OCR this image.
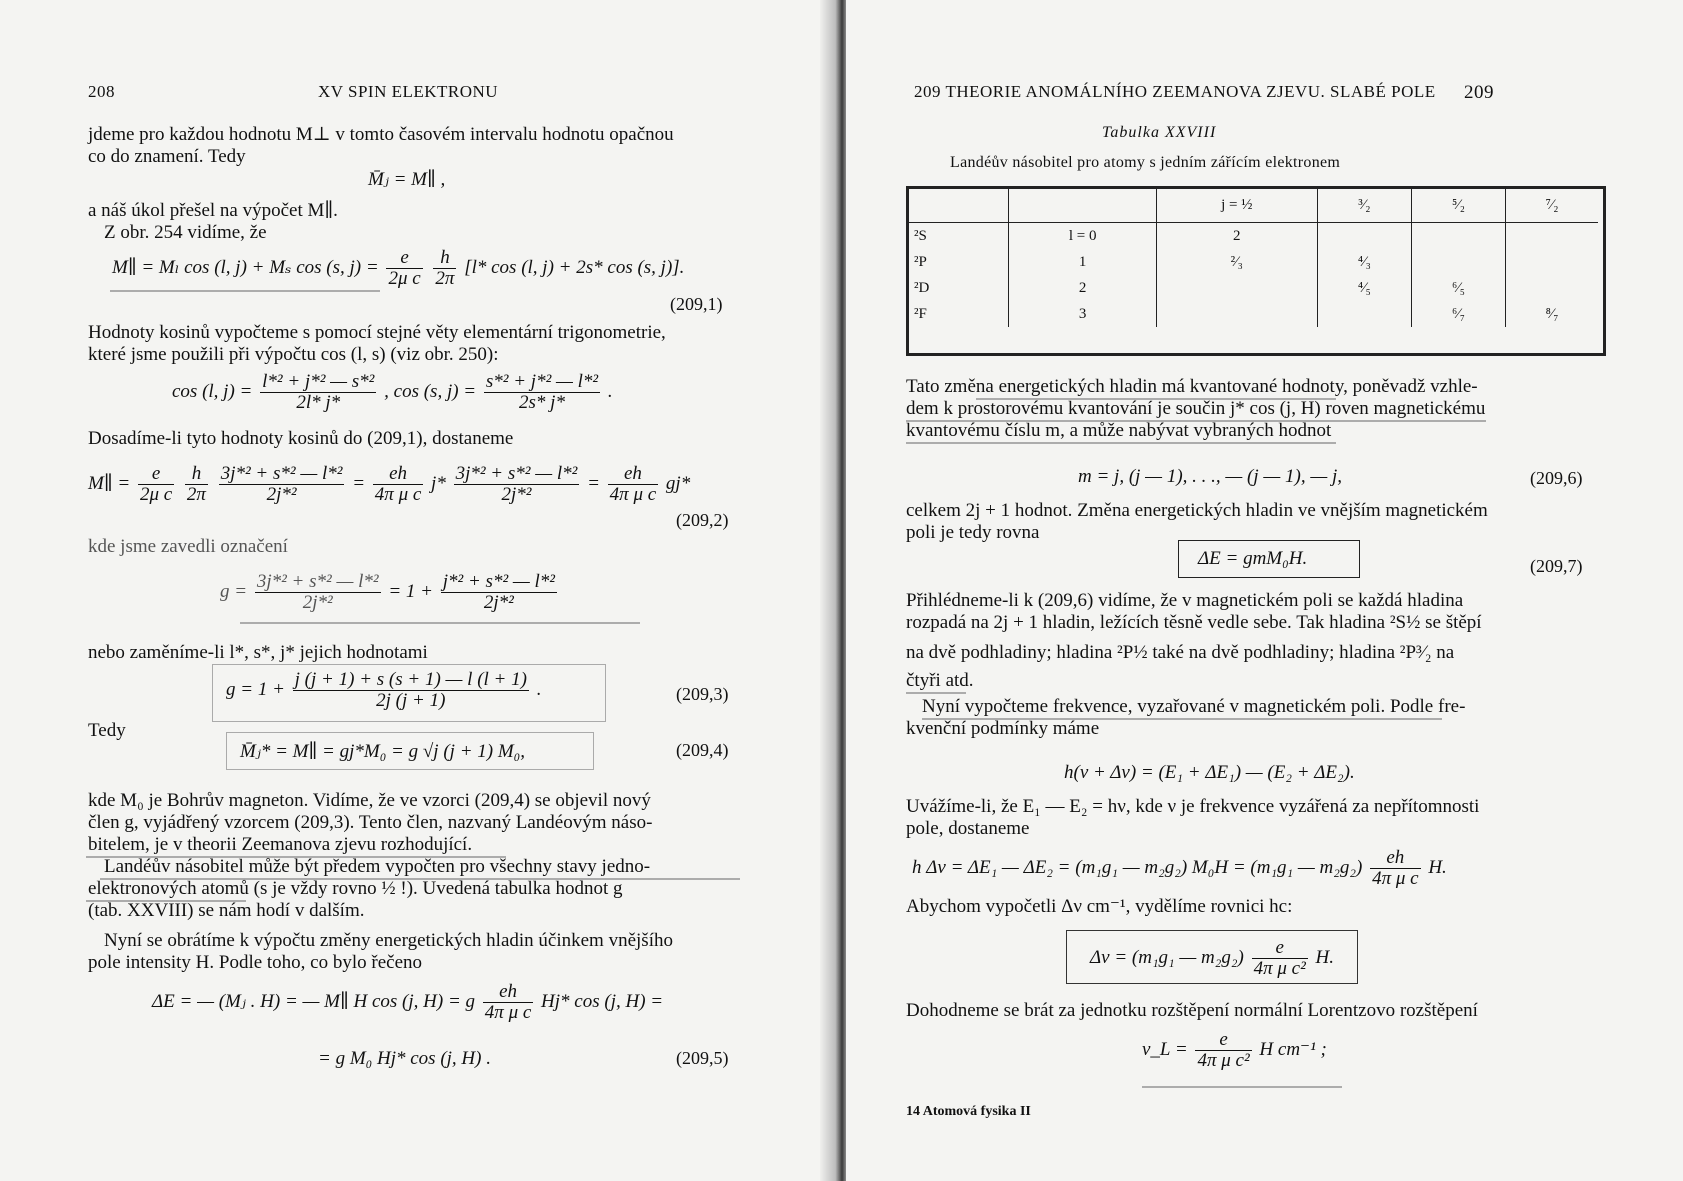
208	XV SPIN ELEKTRONU
jdeme pro každou hodnotu M⊥ v tomto časovém intervalu hodnotu opačnou
co do znamení. Tedy
M̄ⱼ = M∥ ,
a náš úkol přešel na výpočet M∥.
Z obr. 254 vidíme, že
M∥ = Mₗ cos (l, j) + Mₛ cos (s, $j) = \frac{e}{\text{2μ c}}$
$\frac{h}{2\pi} [l*$ cos (l, j) + 2s* cos (s, j)].
(209,1)
Hodnoty kosinů vypočteme s pomocí stejné věty elementární trigonometrie,
které jsme použili při výpočtu cos (l, s) (viz obr. 250):
cos (l, $j) = \frac{\text{l*² + j*² — s*²}}{2l* j*}$ , cos (s, $j) = \frac{\text{s*² + j*² — l*²}}{2s* j*}$ .
Dosadíme-li tyto hodnoty kosinů do (209,1), dostaneme
M∥ = $\frac{e}{\text{2μ c}}$
$\frac{h}{2\pi}$
$\frac{\text{3j*² + s*² — l*²}}{\text{2j*²}} = \frac{eh}{\text{4π μ c}} j* \frac{\text{3j*² + s*² — l*²}}{\text{2j*²}} = \frac{eh}{\text{4π μ c}} gj*$
(209,2)
kde jsme zavedli označení
$g = \frac{\text{3j*² + s*² — l*²}}{\text{2j*²}} = 1 + \frac{\text{j*² + s*² — l*²}}{\text{2j*²}}$
nebo zaměníme-li l*, s*, j* jejich hodnotami
$g = 1 + \frac{j (j + 1) + s (s + 1) — l (l + 1)}{2j (j + 1)}$ .	(209,3)
Tedy
M̄ⱼ* = M∥ = gj*M₀ = g √j (j + 1) M₀,	(209,4)
kde M₀ je Bohrův magneton. Vidíme, že ve vzorci (209,4) se objevil nový
člen g, vyjádřený vzorcem (209,3). Tento člen, nazvaný Landéovým náso-
bitelem, je v theorii Zeemanova zjevu rozhodující.
Landéův násobitel může být předem vypočten pro všechny stavy jedno-
elektronových atomů (s je vždy rovno ½ !). Uvedená tabulka hodnot g
(tab. XXVIII) se nám hodí v dalším.
Nyní se obrátíme k výpočtu změny energetických hladin účinkem vnějšího
pole intensity H. Podle toho, co bylo řečeno
ΔE = — (Mⱼ . H) = — M∥ H cos (j, H) = g $\frac{eh}{\text{4π μ c}} Hj*$ cos (j, H) =
= g M₀ Hj* cos (j, H) .	(209,5)
209 THEORIE ANOMÁLNÍHO ZEEMANOVA ZJEVU. SLABÉ POLE 209
Tabulka XXVIII
Landéův násobitel pro atomy s jedním zářícím elektronem
		j = ½	³⁄₂	⁵⁄₂	⁷⁄₂
²S	l = 0	2			
²P	1	²⁄₃	⁴⁄₃		
²D	2		⁴⁄₅	⁶⁄₅	
²F	3			⁶⁄₇	⁸⁄₇
Tato změna energetických hladin má kvantované hodnoty, poněvadž vzhle-
dem k prostorovému kvantování je součin j* cos (j, H) roven magnetickému
kvantovému číslu m, a může nabývat vybraných hodnot
m = j, (j — 1), . . ., — (j — 1), — j,	(209,6)
celkem 2j + 1 hodnot. Změna energetických hladin ve vnějším magnetickém
poli je tedy rovna
ΔE = gmM₀H.	(209,7)
Přihlédneme-li k (209,6) vidíme, že v magnetickém poli se každá hladina
rozpadá na 2j + 1 hladin, ležících těsně vedle sebe. Tak hladina ²S½ se štěpí
na dvě podhladiny; hladina ²P½ také na dvě podhladiny; hladina ²P³⁄₂ na
čtyři atd.
Nyní vypočteme frekvence, vyzařované v magnetickém poli. Podle fre-
kvenční podmínky máme
h(ν + Δν) = (E₁ + ΔE₁) — (E₂ + ΔE₂).
Uvážíme-li, že E₁ — E₂ = hν, kde ν je frekvence vyzářená za nepřítomnosti
pole, dostaneme
h Δν = ΔE₁ — ΔE₂ = (m₁g₁ — m₂g₂) M₀H = (m₁g₁ — $m_2g_2) \frac{eh}{\text{4π μ c}} H$.
Abychom vypočetli Δν cm⁻¹, vydělíme rovnici hc:
Δν = (m₁g₁ — $m_2g_2) \frac{e}{\text{4π μ c²}} H$.
Dohodneme se brát za jednotku rozštěpení normální Lorentzovo rozštěpení
ν_L = $\frac{e}{\text{4π μ c²}}$ H cm⁻¹ ;
14 Atomová fysika II
